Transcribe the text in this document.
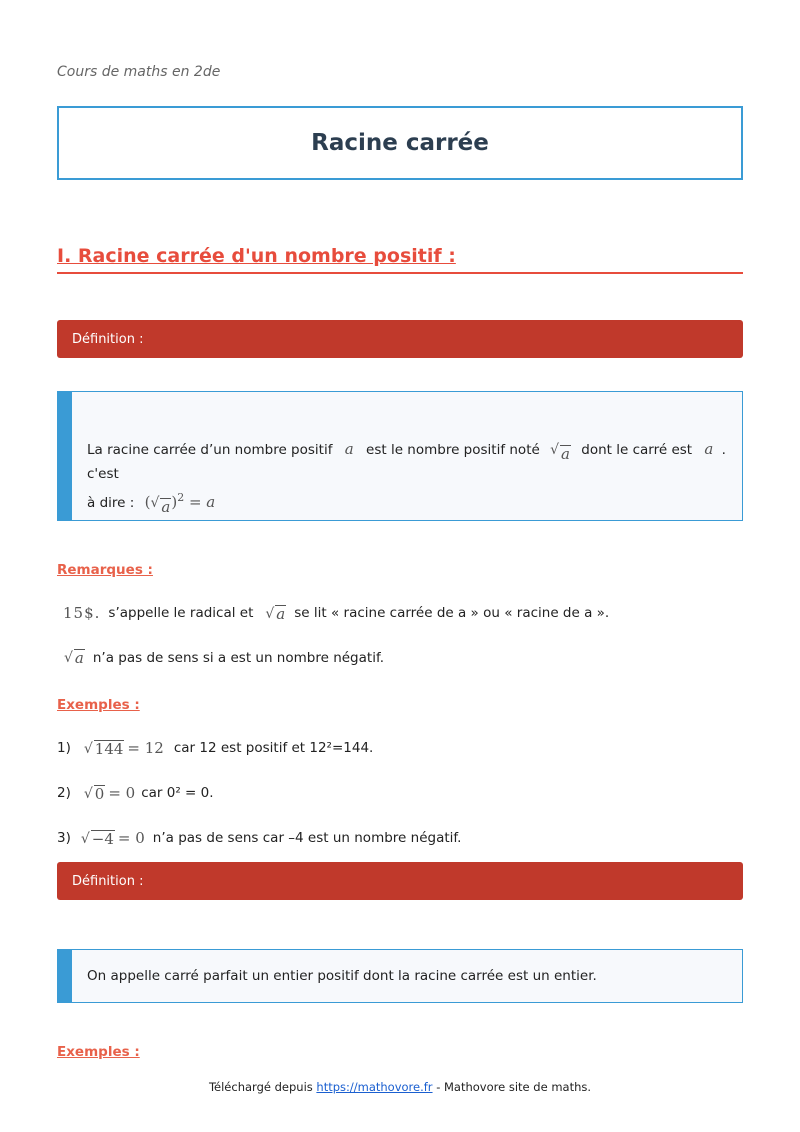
Cours de maths en 2de
Racine carrée
I. Racine carrée d'un nombre positif :
Définition :
La racine carrée d’un nombre positif a est le nombre positif noté √ a dont le carré est a . c'est
à dire : ( √ a )$^2$ = a
Remarques :
15$. s’appelle le radical et √ a se lit « racine carrée de a » ou « racine de a ».
√ a n’a pas de sens si a est un nombre négatif.
Exemples :
1) √ 144 = 12 car 12 est positif et 12²=144.
2) √ 0 = 0 car 0² = 0.
3) √ −4 = 0 n’a pas de sens car –4 est un nombre négatif.
Définition :
On appelle carré parfait un entier positif dont la racine carrée est un entier.
Exemples :
Téléchargé depuis https://mathovore.fr - Mathovore site de maths.
